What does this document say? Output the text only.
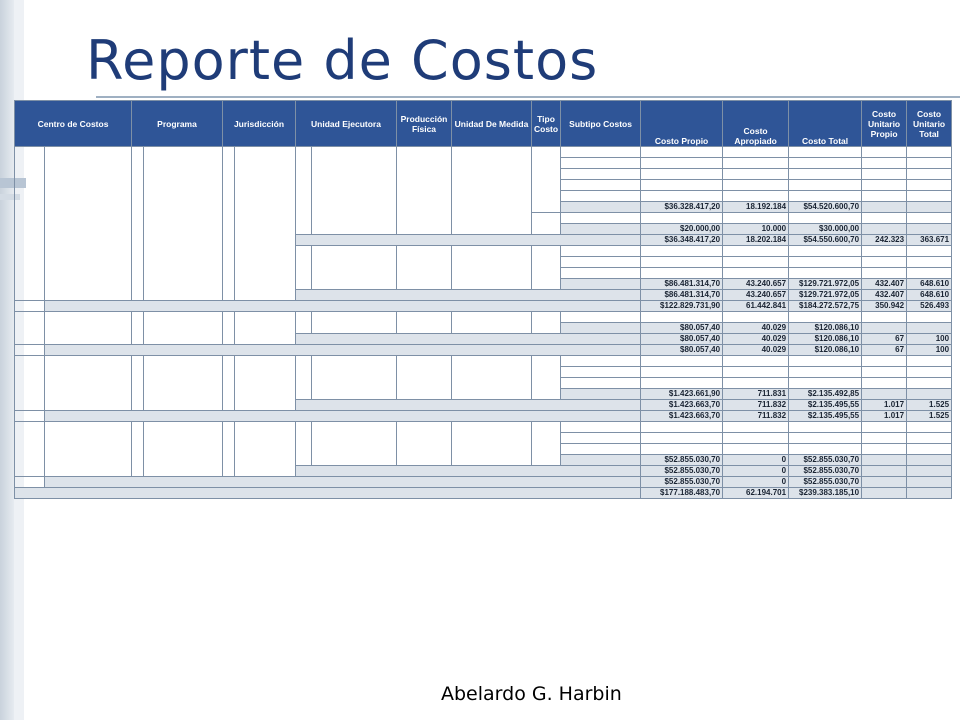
Reporte de Costos
Centro de Costos		Programa		Jurisdicción		Unidad Ejecutora		Producción Física	Unidad De Medida	Tipo Costo	Subtipo Costos	Costo Propio	Costo Apropiado	Costo Total	Costo Unitario Propio	Costo Unitario Total

												$36.328.417,20	18.192.184	$54.520.600,70		

												$20.000,00	10.000	$30.000,00		
												$36.348.417,20	18.202.184	$54.550.600,70	242.323	363.671

												$86.481.314,70	43.240.657	$129.721.972,05	432.407	648.610
												$86.481.314,70	43.240.657	$129.721.972,05	432.407	648.610
												$122.829.731,90	61.442.841	$184.272.572,75	350.942	526.493

												$80.057,40	40.029	$120.086,10		
												$80.057,40	40.029	$120.086,10	67	100
												$80.057,40	40.029	$120.086,10	67	100

												$1.423.661,90	711.831	$2.135.492,85		
												$1.423.663,70	711.832	$2.135.495,55	1.017	1.525
												$1.423.663,70	711.832	$2.135.495,55	1.017	1.525

												$52.855.030,70	0	$52.855.030,70		
												$52.855.030,70	0	$52.855.030,70		
												$52.855.030,70	0	$52.855.030,70		
												$177.188.483,70	62.194.701	$239.383.185,10		
Abelardo G. Harbin
